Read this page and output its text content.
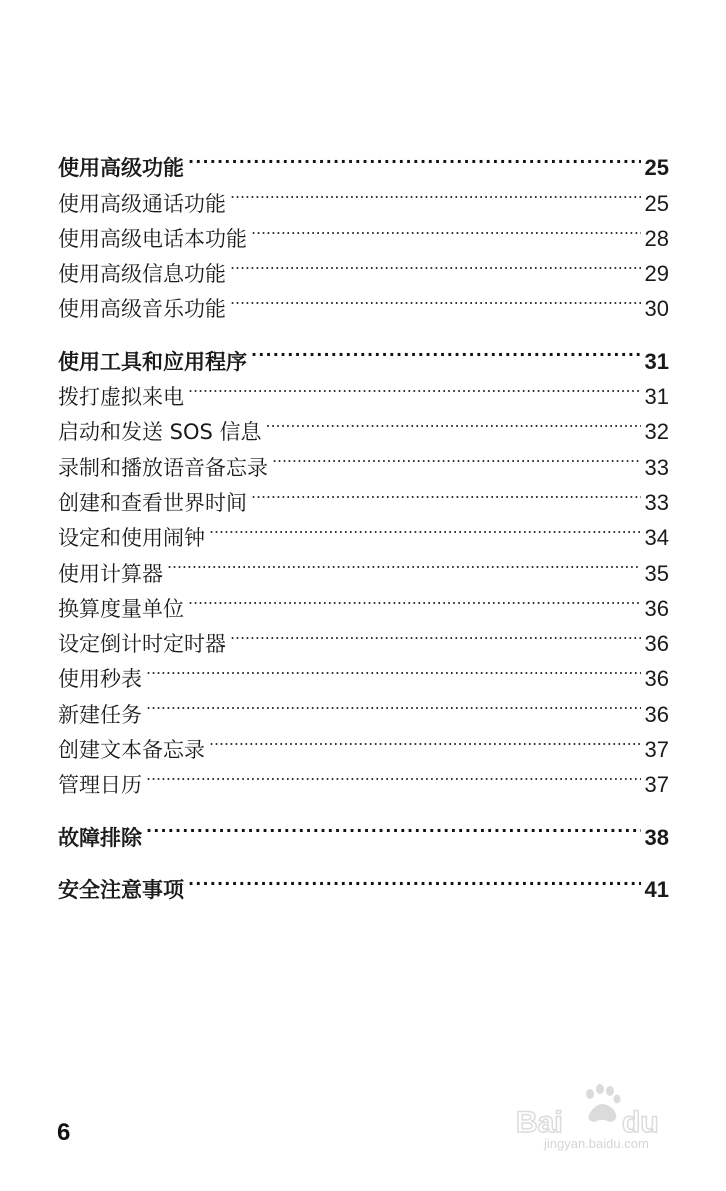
使用高级功能 . . .	25
使用高级通话功能 . . .	25
使用高级电话本功能 . . .	28
使用高级信息功能 . . .	29
使用高级音乐功能 . . .	30
使用工具和应用程序 . . .	31
拨打虚拟来电 . . .	31
启动和发送 SOS 信息 . . .	32
录制和播放语音备忘录 . . .	33
创建和查看世界时间 . . .	33
设定和使用闹钟 . . .	34
使用计算器 . . .	35
换算度量单位 . . .	36
设定倒计时定时器 . . .	36
使用秒表 . . .	36
新建任务 . . .	36
创建文本备忘录 . . .	37
管理日历 . . .	37
故障排除 . . .	38
安全注意事项 . . .	41
6	Bai du
jingyan.baidu.com
